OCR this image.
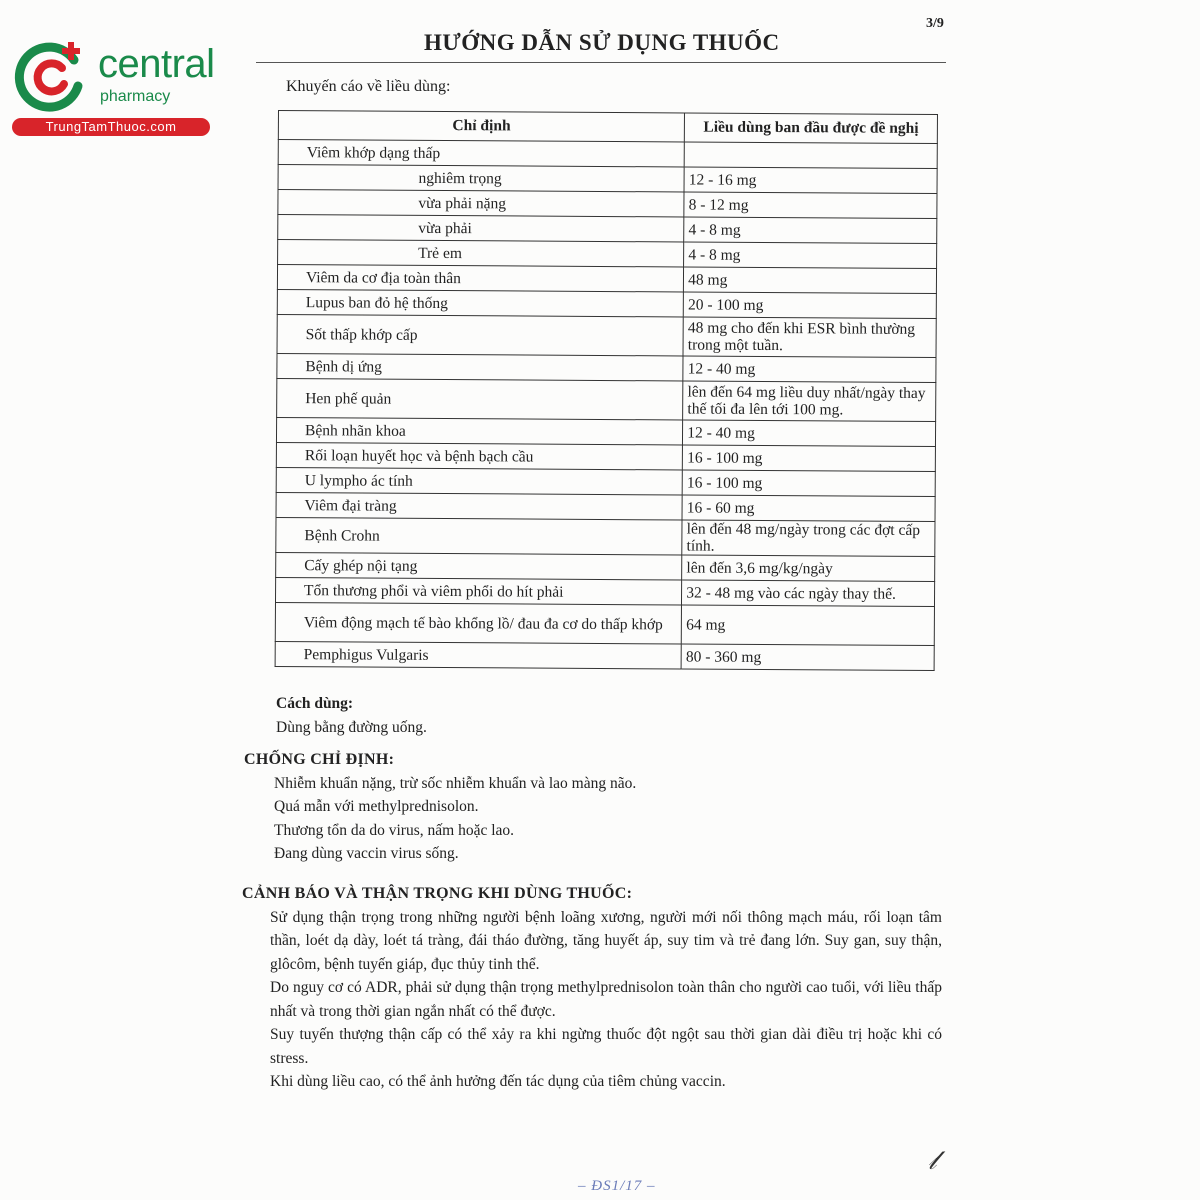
central
pharmacy
TrungTamThuoc.com
3/9
HƯỚNG DẪN SỬ DỤNG THUỐC
Khuyến cáo về liều dùng:
Chỉ định	Liều dùng ban đầu được đề nghị
Viêm khớp dạng thấp	
nghiêm trọng	12 - 16 mg
vừa phải nặng	8 - 12 mg
vừa phải	4 - 8 mg
Trẻ em	4 - 8 mg
Viêm da cơ địa toàn thân	48 mg
Lupus ban đỏ hệ thống	20 - 100 mg
Sốt thấp khớp cấp	48 mg cho đến khi ESR bình thường trong một tuần.
Bệnh dị ứng	12 - 40 mg
Hen phế quản	lên đến 64 mg liều duy nhất/ngày thay thế tối đa lên tới 100 mg.
Bệnh nhãn khoa	12 - 40 mg
Rối loạn huyết học và bệnh bạch cầu	16 - 100 mg
U lympho ác tính	16 - 100 mg
Viêm đại tràng	16 - 60 mg
Bệnh Crohn	lên đến 48 mg/ngày trong các đợt cấp tính.
Cấy ghép nội tạng	lên đến 3,6 mg/kg/ngày
Tổn thương phổi và viêm phổi do hít phải	32 - 48 mg vào các ngày thay thế.
Viêm động mạch tế bào khổng lồ/ đau đa cơ do thấp khớp	64 mg
Pemphigus Vulgaris	80 - 360 mg
Cách dùng:
Dùng bằng đường uống.
CHỐNG CHỈ ĐỊNH:
Nhiễm khuẩn nặng, trừ sốc nhiễm khuẩn và lao màng não.
Quá mẫn với methylprednisolon.
Thương tổn da do virus, nấm hoặc lao.
Đang dùng vaccin virus sống.
CẢNH BÁO VÀ THẬN TRỌNG KHI DÙNG THUỐC:
Sử dụng thận trọng trong những người bệnh loãng xương, người mới nối thông mạch máu, rối loạn tâm thần, loét dạ dày, loét tá tràng, đái tháo đường, tăng huyết áp, suy tim và trẻ đang lớn. Suy gan, suy thận, glôcôm, bệnh tuyến giáp, đục thủy tinh thể.
Do nguy cơ có ADR, phải sử dụng thận trọng methylprednisolon toàn thân cho người cao tuổi, với liều thấp nhất và trong thời gian ngắn nhất có thể được.
Suy tuyến thượng thận cấp có thể xảy ra khi ngừng thuốc đột ngột sau thời gian dài điều trị hoặc khi có stress.
Khi dùng liều cao, có thể ảnh hưởng đến tác dụng của tiêm chủng vaccin.
𝓁
– ĐS1/17 –
